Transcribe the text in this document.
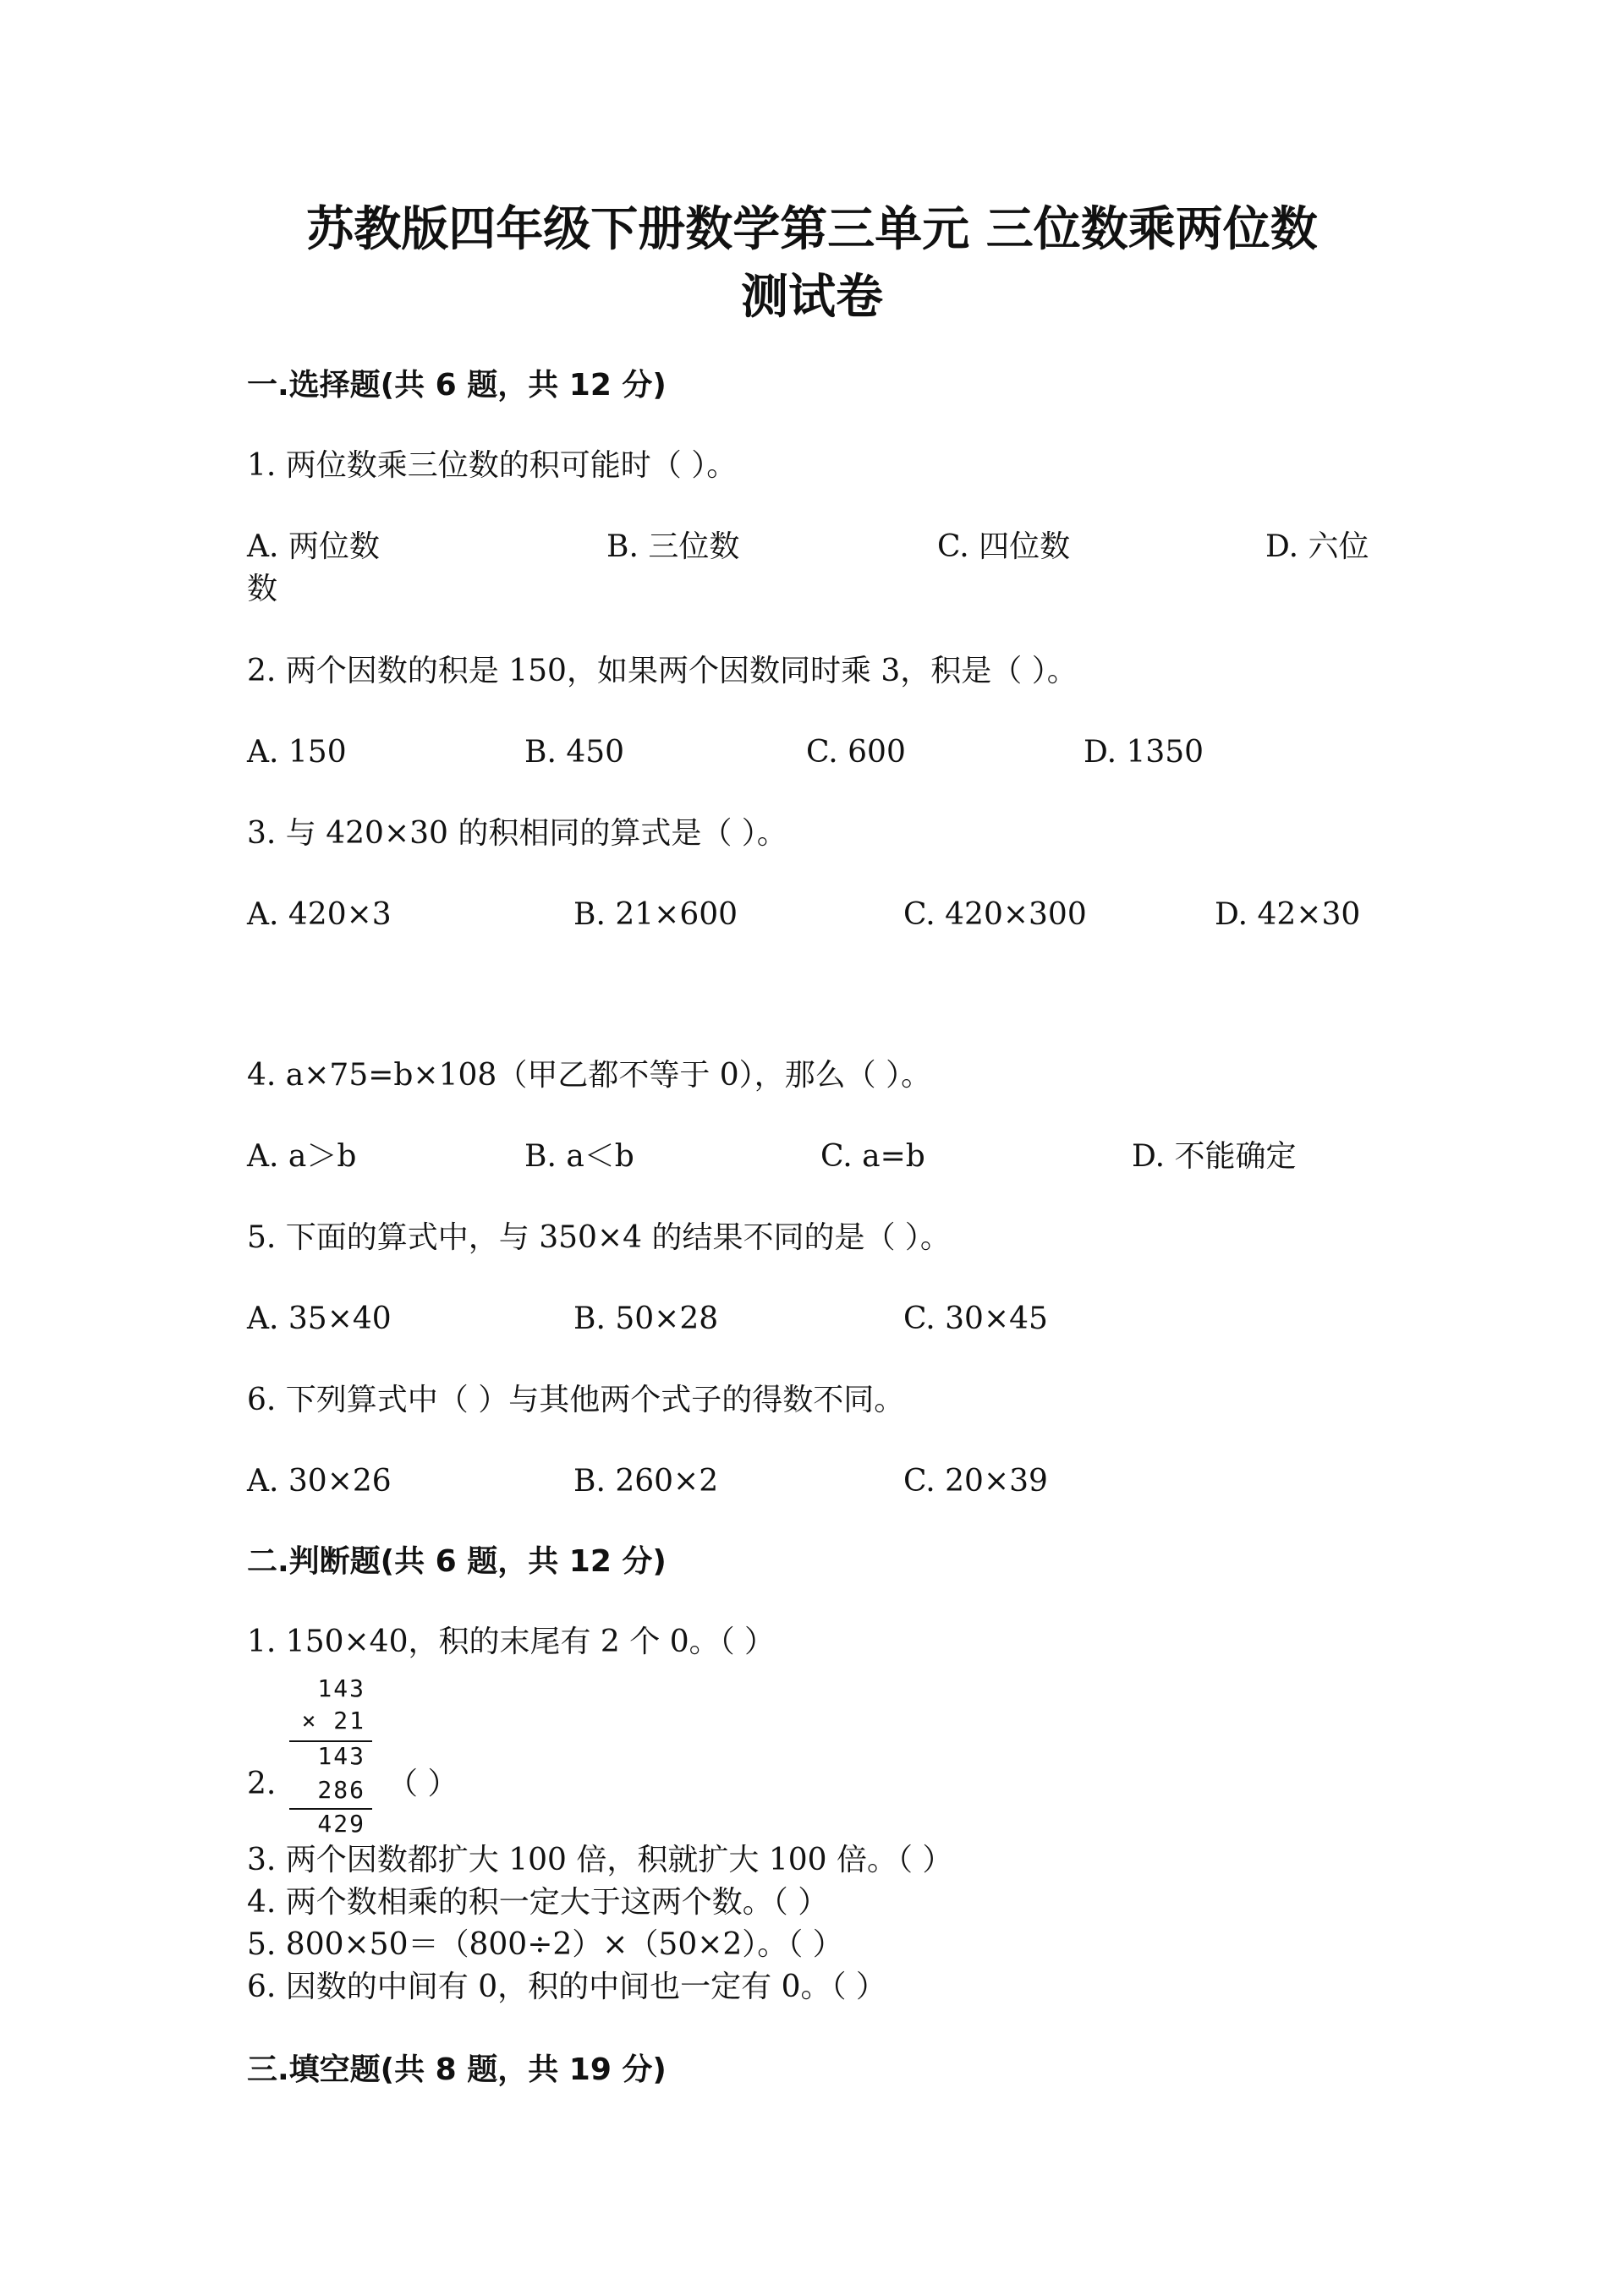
苏教版四年级下册数学第三单元 三位数乘两位数
测试卷
一.选择题(共 6 题，共 12 分)
1. 两位数乘三位数的积可能时（ ）。
A. 两位数	B. 三位数	C. 四位数	D. 六位
数
2. 两个因数的积是 150，如果两个因数同时乘 3，积是（ ）。
A. 150	B. 450	C. 600	D. 1350
3. 与 420×30 的积相同的算式是（ ）。
A. 420×3	B. 21×600	C. 420×300	D. 42×30
4. a×75=b×108（甲乙都不等于 0），那么（ ）。
A. a＞b	B. a＜b	C. a=b	D. 不能确定
5. 下面的算式中，与 350×4 的结果不同的是（ ）。
A. 35×40	B. 50×28	C. 30×45
6. 下列算式中（ ）与其他两个式子的得数不同。
A. 30×26	B. 260×2	C. 20×39
二.判断题(共 6 题，共 12 分)
1. 150×40，积的末尾有 2 个 0。（ ）
143
× 21
143
286
429
2.	（ ）
3. 两个因数都扩大 100 倍，积就扩大 100 倍。（ ）
4. 两个数相乘的积一定大于这两个数。（ ）
5. 800×50＝（800÷2）×（50×2）。（ ）
6. 因数的中间有 0，积的中间也一定有 0。（ ）
三.填空题(共 8 题，共 19 分)
